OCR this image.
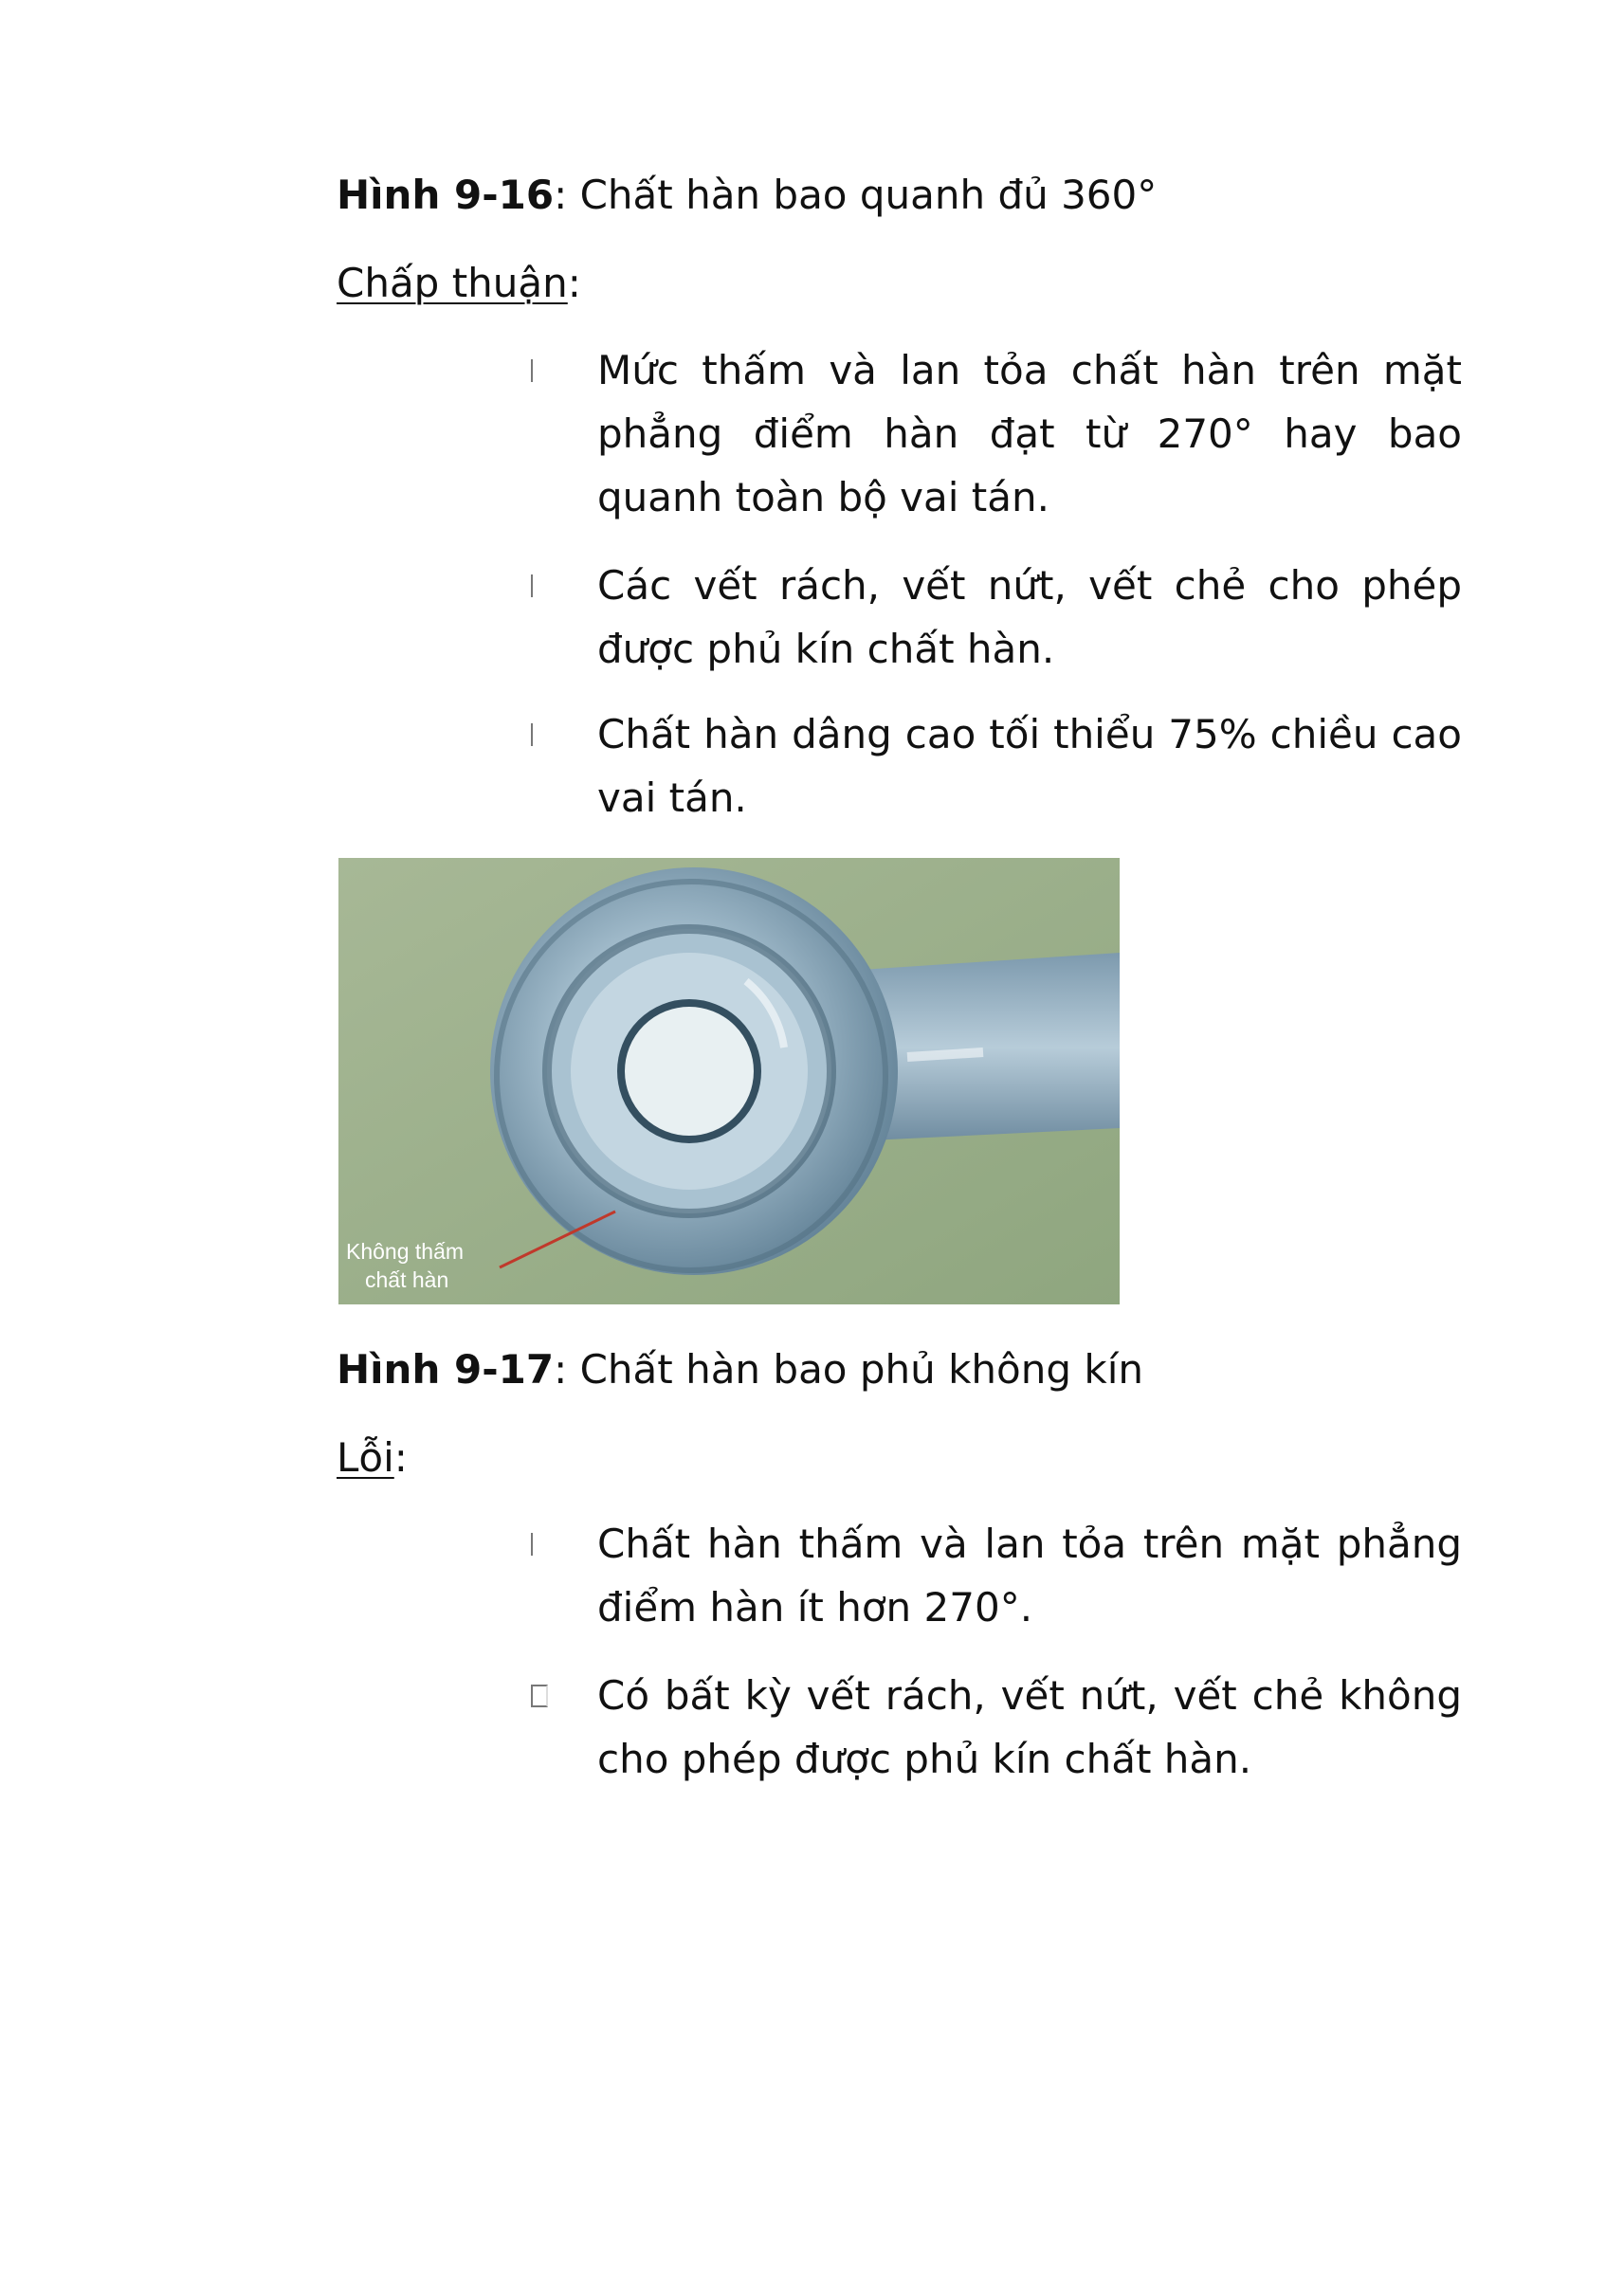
Hình 9-16: Chất hàn bao quanh đủ 360°
Chấp thuận:
Mức thấm và lan tỏa chất hàn trên mặt phẳng điểm hàn đạt từ 270° hay bao quanh toàn bộ vai tán.
Các vết rách, vết nứt, vết chẻ cho phép được phủ kín chất hàn.
Chất hàn dâng cao tối thiểu 75% chiều cao vai tán.
Không thấm
chất hàn
Hình 9-17: Chất hàn bao phủ không kín
Lỗi:
Chất hàn thấm và lan tỏa trên mặt phẳng điểm hàn ít hơn 270°.
Có bất kỳ vết rách, vết nứt, vết chẻ không cho phép được phủ kín chất hàn.
